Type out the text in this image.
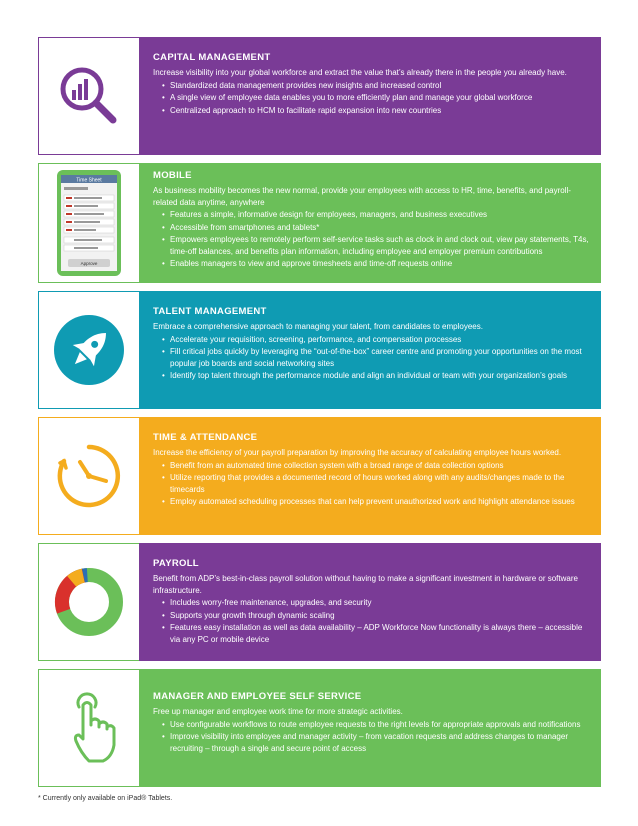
CAPITAL MANAGEMENT

Increase visibility into your global workforce and extract the value that’s already there in the people you already have.

• Standardized data management provides new insights and increased control
• A single view of employee data enables you to more efficiently plan and manage your global workforce
• Centralized approach to HCM to facilitate rapid expansion into new countries
Time Sheet
Approve

MOBILE

As business mobility becomes the new normal, provide your employees with access to HR, time, benefits, and payroll-related data anytime, anywhere

• Features a simple, informative design for employees, managers, and business executives
• Accessible from smartphones and tablets*
• Empowers employees to remotely perform self-service tasks such as clock in and clock out, view pay statements, T4s, time-off balances, and benefits plan information, including employee and employer premium contributions
• Enables managers to view and approve timesheets and time-off requests online

TALENT MANAGEMENT

Embrace a comprehensive approach to managing your talent, from candidates to employees.

• Accelerate your requisition, screening, performance, and compensation processes
• Fill critical jobs quickly by leveraging the “out-of-the-box” career centre and promoting your opportunities on the most popular job boards and social networking sites
• Identify top talent through the performance module and align an individual or team with your organization’s goals

TIME & ATTENDANCE

Increase the efficiency of your payroll preparation by improving the accuracy of calculating employee hours worked.

• Benefit from an automated time collection system with a broad range of data collection options
• Utilize reporting that provides a documented record of hours worked along with any audits/changes made to the timecards
• Employ automated scheduling processes that can help prevent unauthorized work and highlight attendance issues

PAYROLL

Benefit from ADP’s best-in-class payroll solution without having to make a significant investment in hardware or software infrastructure.

• Includes worry-free maintenance, upgrades, and security
• Supports your growth through dynamic scaling
• Features easy installation as well as data availability – ADP Workforce Now functionality is always there – accessible via any PC or mobile device

MANAGER AND EMPLOYEE SELF SERVICE

Free up manager and employee work time for more strategic activities.

• Use configurable workflows to route employee requests to the right levels for appropriate approvals and notifications
• Improve visibility into employee and manager activity – from vacation requests and address changes to manager recruiting – through a single and secure point of access
* Currently only available on iPad® Tablets.
